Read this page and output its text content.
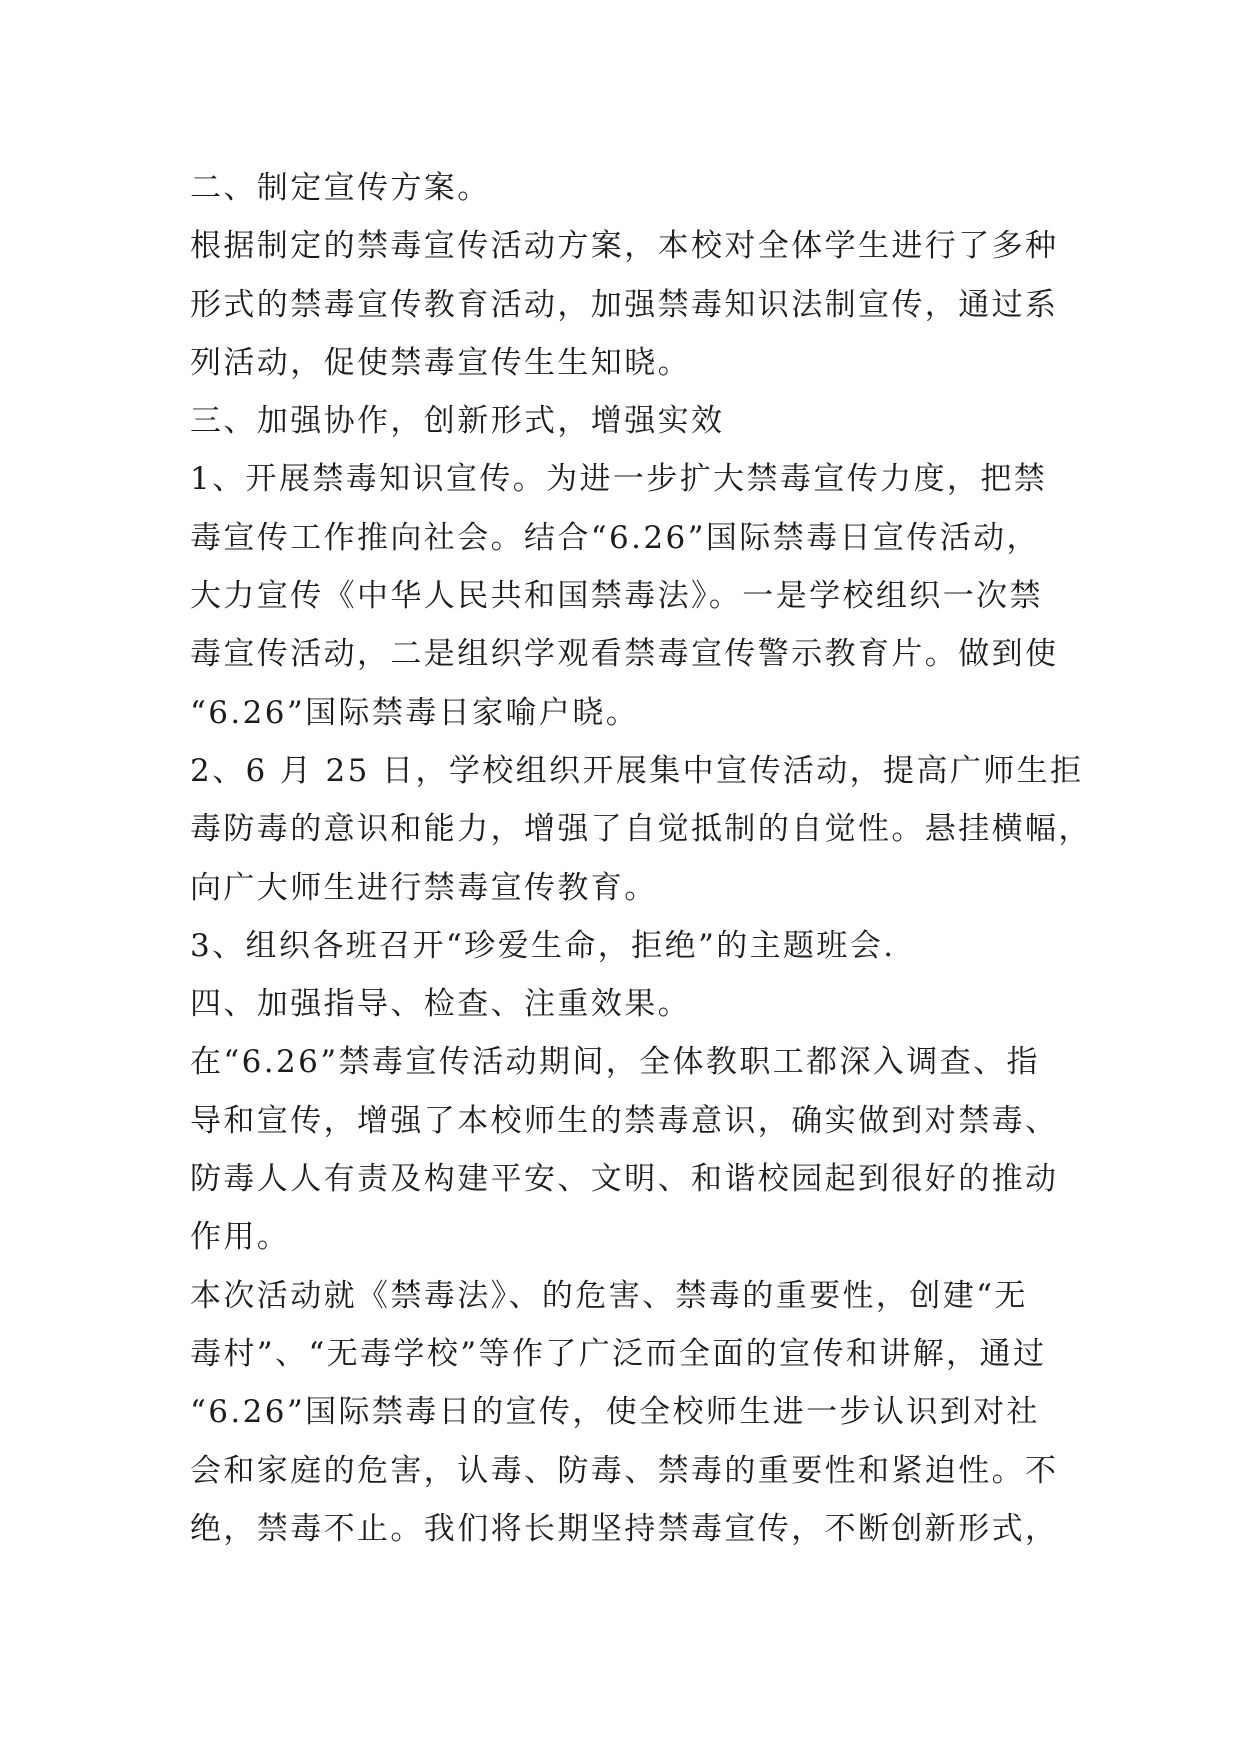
二、制定宣传方案。
根据制定的禁毒宣传活动方案，本校对全体学生进行了多种
形式的禁毒宣传教育活动，加强禁毒知识法制宣传，通过系
列活动，促使禁毒宣传生生知晓。
三、加强协作，创新形式，增强实效
1、开展禁毒知识宣传。为进一步扩大禁毒宣传力度，把禁
毒宣传工作推向社会。结合“6.26”国际禁毒日宣传活动，
大力宣传《中华人民共和国禁毒法》。一是学校组织一次禁
毒宣传活动，二是组织学观看禁毒宣传警示教育片。做到使
“6.26”国际禁毒日家喻户晓。
2、6 月 25 日，学校组织开展集中宣传活动，提高广师生拒
毒防毒的意识和能力，增强了自觉抵制的自觉性。悬挂横幅，
向广大师生进行禁毒宣传教育。
3、组织各班召开“珍爱生命，拒绝”的主题班会.
四、加强指导、检查、注重效果。
在“6.26”禁毒宣传活动期间，全体教职工都深入调查、指
导和宣传，增强了本校师生的禁毒意识，确实做到对禁毒、
防毒人人有责及构建平安、文明、和谐校园起到很好的推动
作用。
本次活动就《禁毒法》、的危害、禁毒的重要性，创建“无
毒村”、“无毒学校”等作了广泛而全面的宣传和讲解，通过
“6.26”国际禁毒日的宣传，使全校师生进一步认识到对社
会和家庭的危害，认毒、防毒、禁毒的重要性和紧迫性。不
绝，禁毒不止。我们将长期坚持禁毒宣传，不断创新形式，
